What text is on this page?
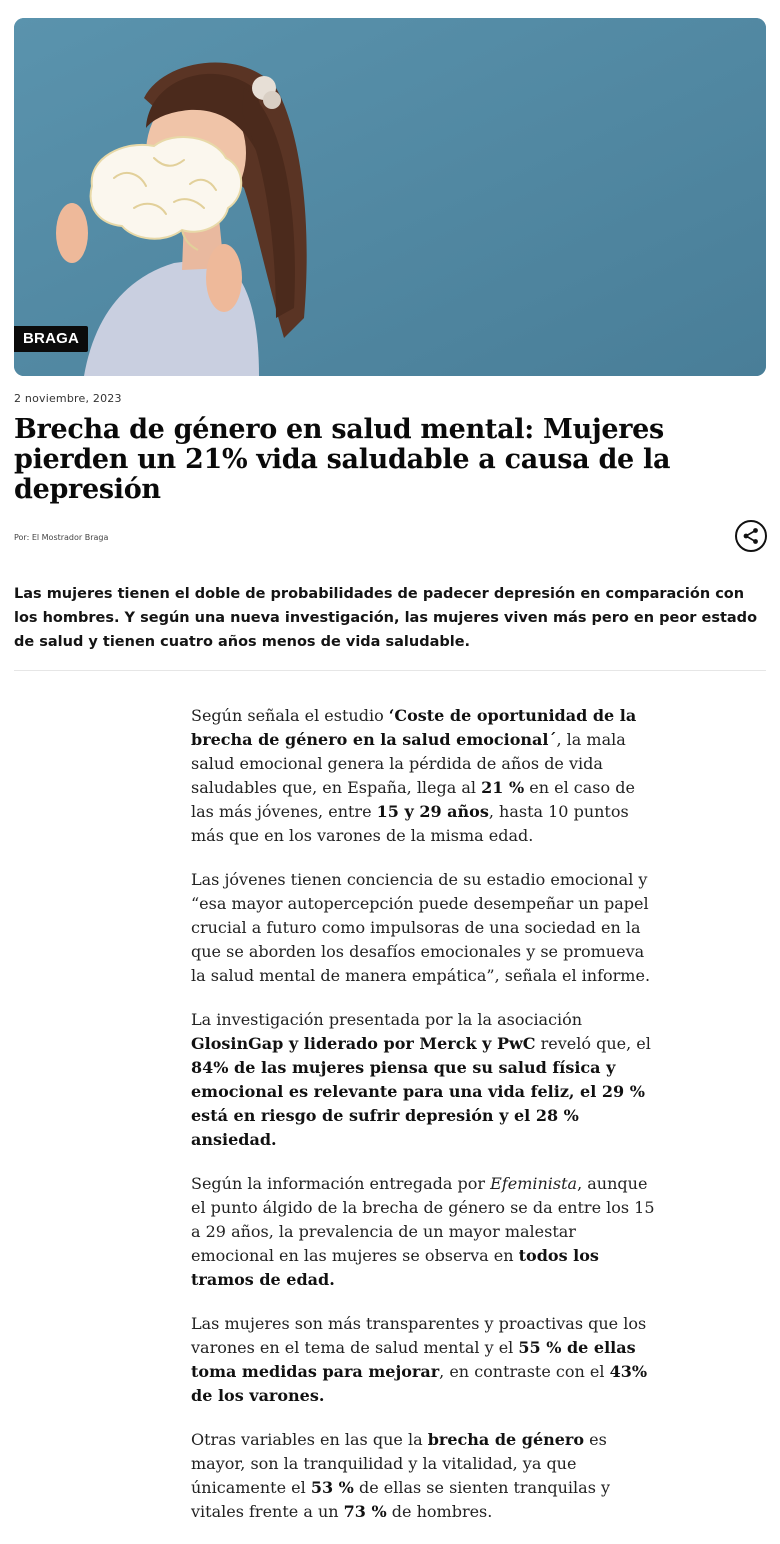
BRAGA
2 noviembre, 2023
Brecha de género en salud mental: Mujeres pierden un 21% vida saludable a causa de la depresión
Por: El Mostrador Braga

Las mujeres tienen el doble de probabilidades de padecer depresión en comparación con los hombres. Y según una nueva investigación, las mujeres viven más pero en peor estado de salud y tienen cuatro años menos de vida saludable.

Según señala el estudio ‘Coste de oportunidad de la brecha de género en la salud emocional´, la mala salud emocional genera la pérdida de años de vida saludables que, en España, llega al 21 % en el caso de las más jóvenes, entre 15 y 29 años, hasta 10 puntos más que en los varones de la misma edad.

Las jóvenes tienen conciencia de su estadio emocional y “esa mayor autopercepción puede desempeñar un papel crucial a futuro como impulsoras de una sociedad en la que se aborden los desafíos emocionales y se promueva la salud mental de manera empática”, señala el informe.

La investigación presentada por la la asociación GlosinGap y liderado por Merck y PwC reveló que, el 84% de las mujeres piensa que su salud física y emocional es relevante para una vida feliz, el 29 % está en riesgo de sufrir depresión y el 28 % ansiedad.

Según la información entregada por Efeminista, aunque el punto álgido de la brecha de género se da entre los 15 a 29 años, la prevalencia de un mayor malestar emocional en las mujeres se observa en todos los tramos de edad.

Las mujeres son más transparentes y proactivas que los varones en el tema de salud mental y el 55 % de ellas toma medidas para mejorar, en contraste con el 43% de los varones.

Otras variables en las que la brecha de género es mayor, son la tranquilidad y la vitalidad, ya que únicamente el 53 % de ellas se sienten tranquilas y vitales frente a un 73 % de hombres.
